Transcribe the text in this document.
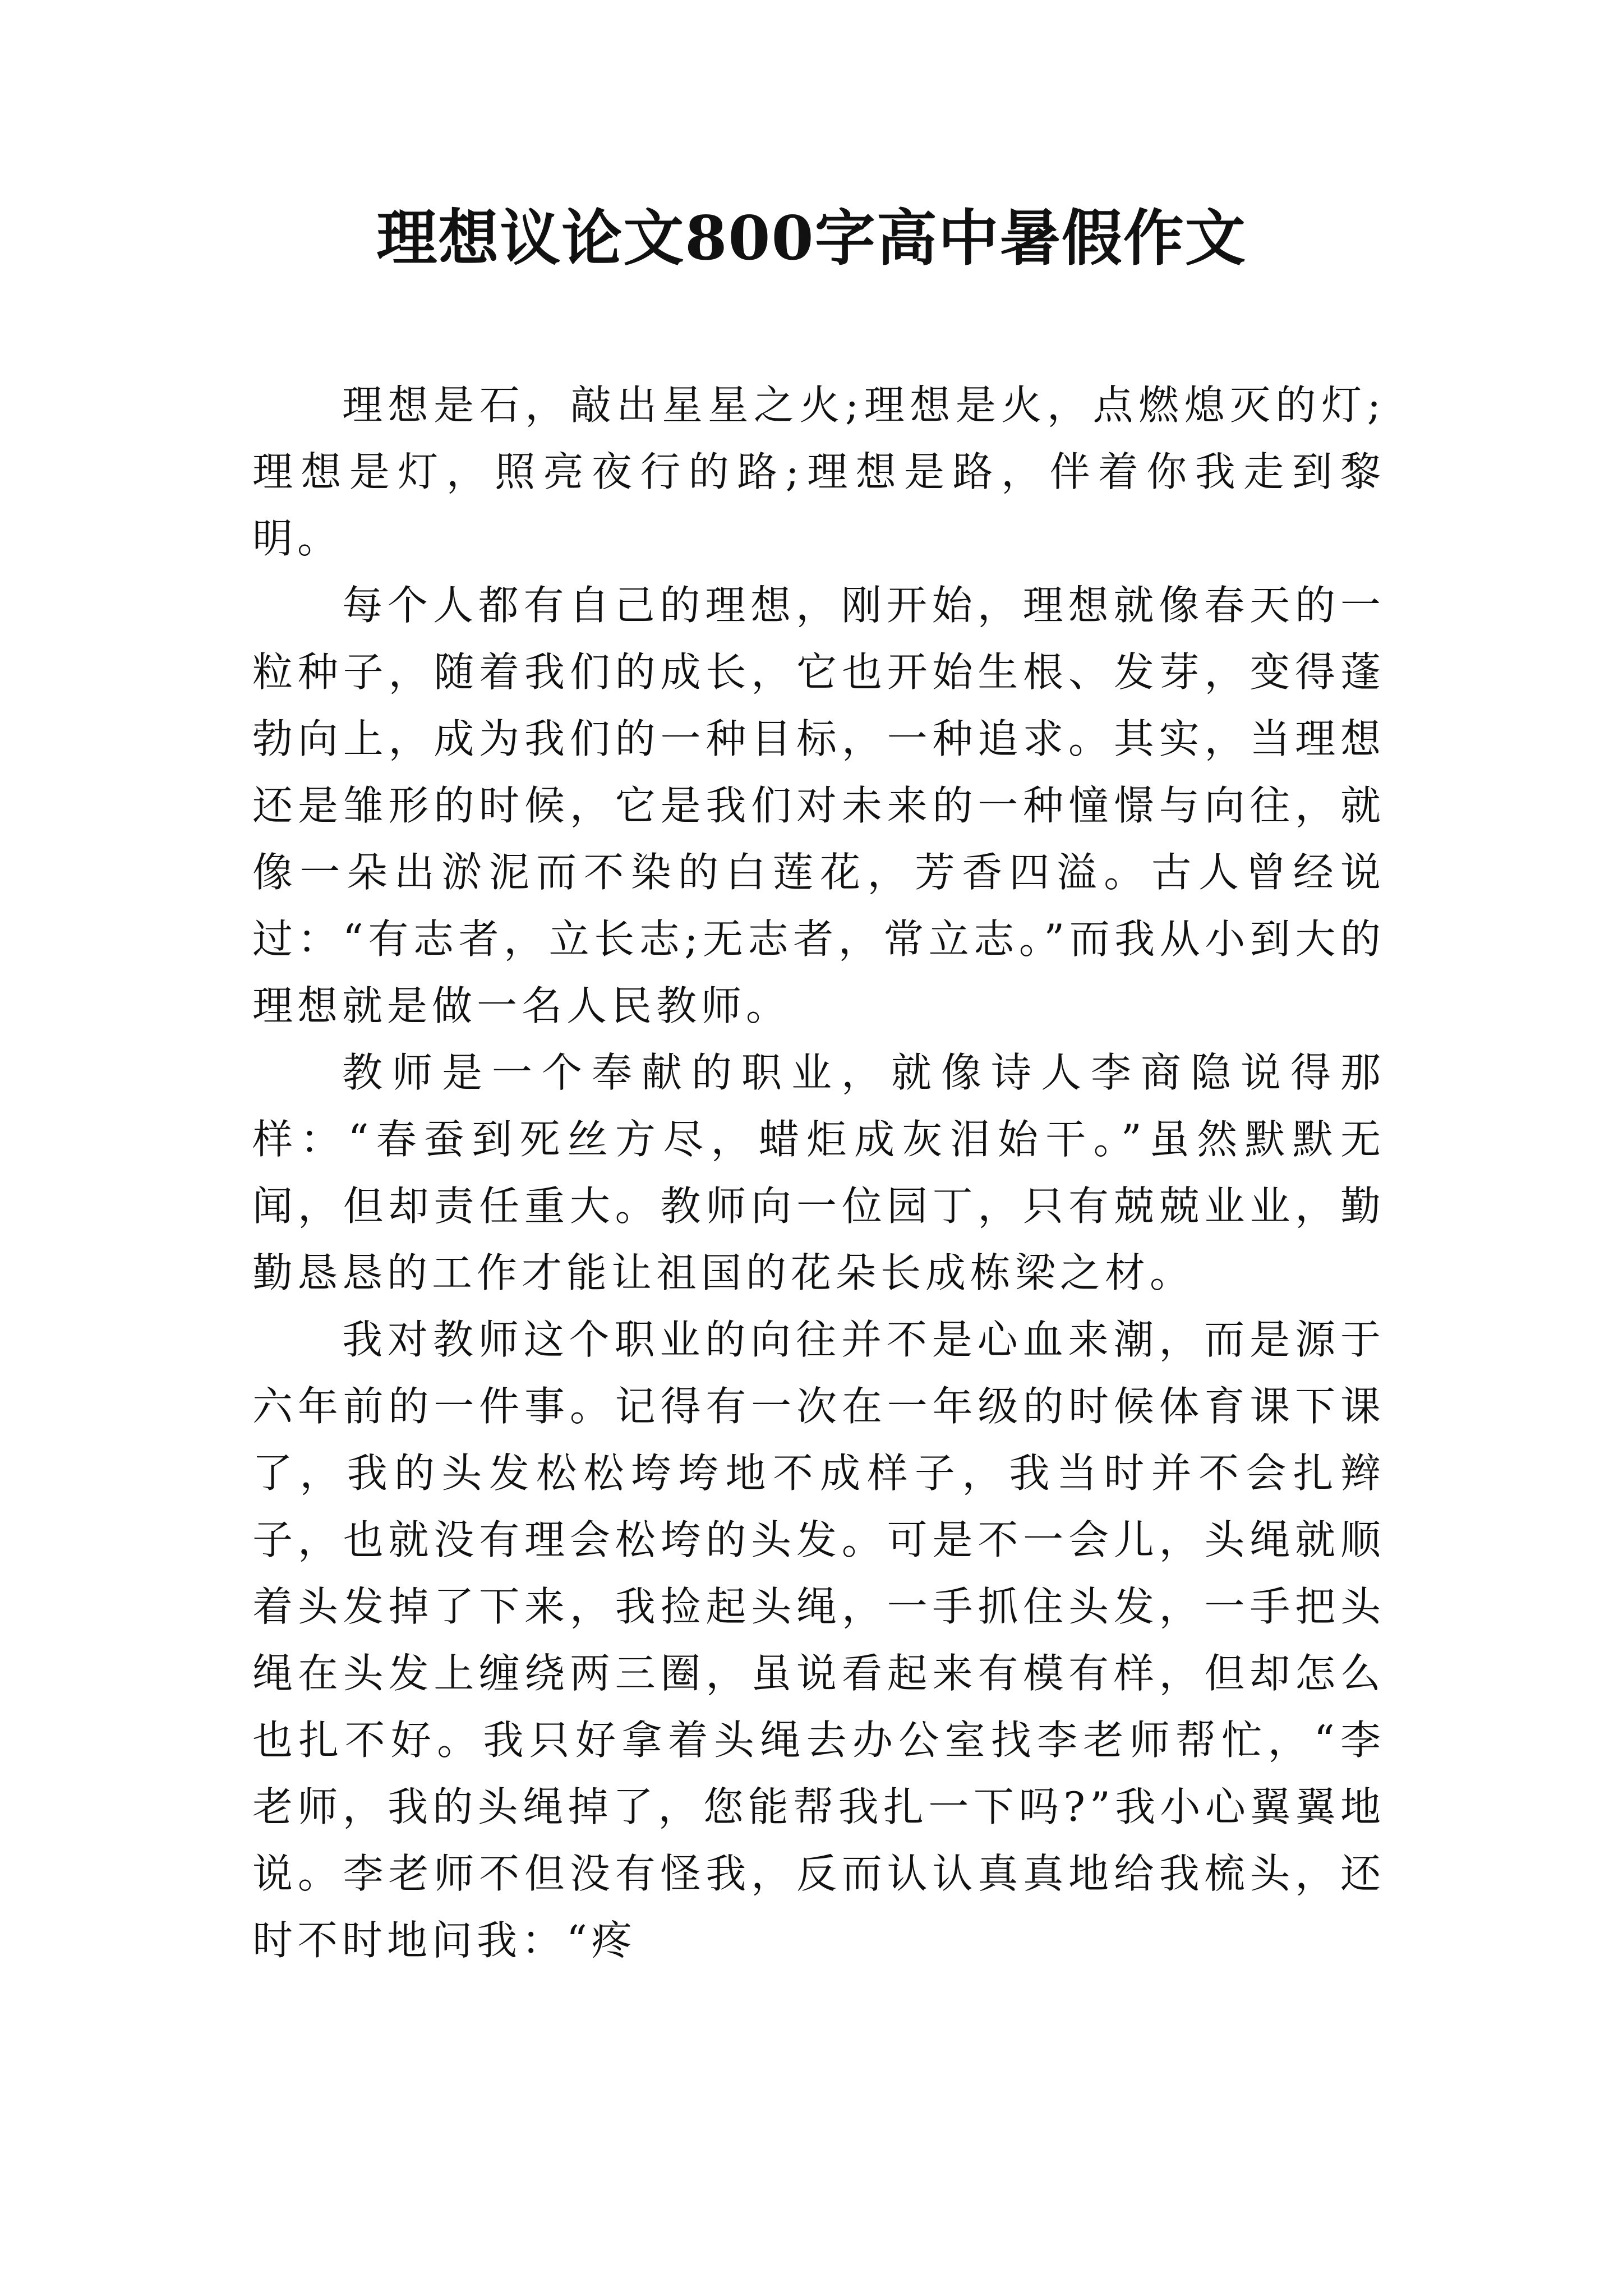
理想议论文800字高中暑假作文

理想是石，敲出星星之火;理想是火，点燃熄灭的灯;理想是灯，照亮夜行的路;理想是路，伴着你我走到黎明。

每个人都有自己的理想，刚开始，理想就像春天的一粒种子，随着我们的成长，它也开始生根、发芽，变得蓬勃向上，成为我们的一种目标，一种追求。其实，当理想还是雏形的时候，它是我们对未来的一种憧憬与向往，就像一朵出淤泥而不染的白莲花，芳香四溢。古人曾经说过：“有志者，立长志;无志者，常立志。”而我从小到大的理想就是做一名人民教师。

教师是一个奉献的职业，就像诗人李商隐说得那样：“春蚕到死丝方尽，蜡炬成灰泪始干。”虽然默默无闻，但却责任重大。教师向一位园丁，只有兢兢业业，勤勤恳恳的工作才能让祖国的花朵长成栋梁之材。

我对教师这个职业的向往并不是心血来潮，而是源于六年前的一件事。记得有一次在一年级的时候体育课下课了，我的头发松松垮垮地不成样子，我当时并不会扎辫子，也就没有理会松垮的头发。可是不一会儿，头绳就顺着头发掉了下来，我捡起头绳，一手抓住头发，一手把头绳在头发上缠绕两三圈，虽说看起来有模有样，但却怎么也扎不好。我只好拿着头绳去办公室找李老师帮忙，“李老师，我的头绳掉了，您能帮我扎一下吗?”我小心翼翼地说。李老师不但没有怪我，反而认认真真地给我梳头，还时不时地问我：“疼
